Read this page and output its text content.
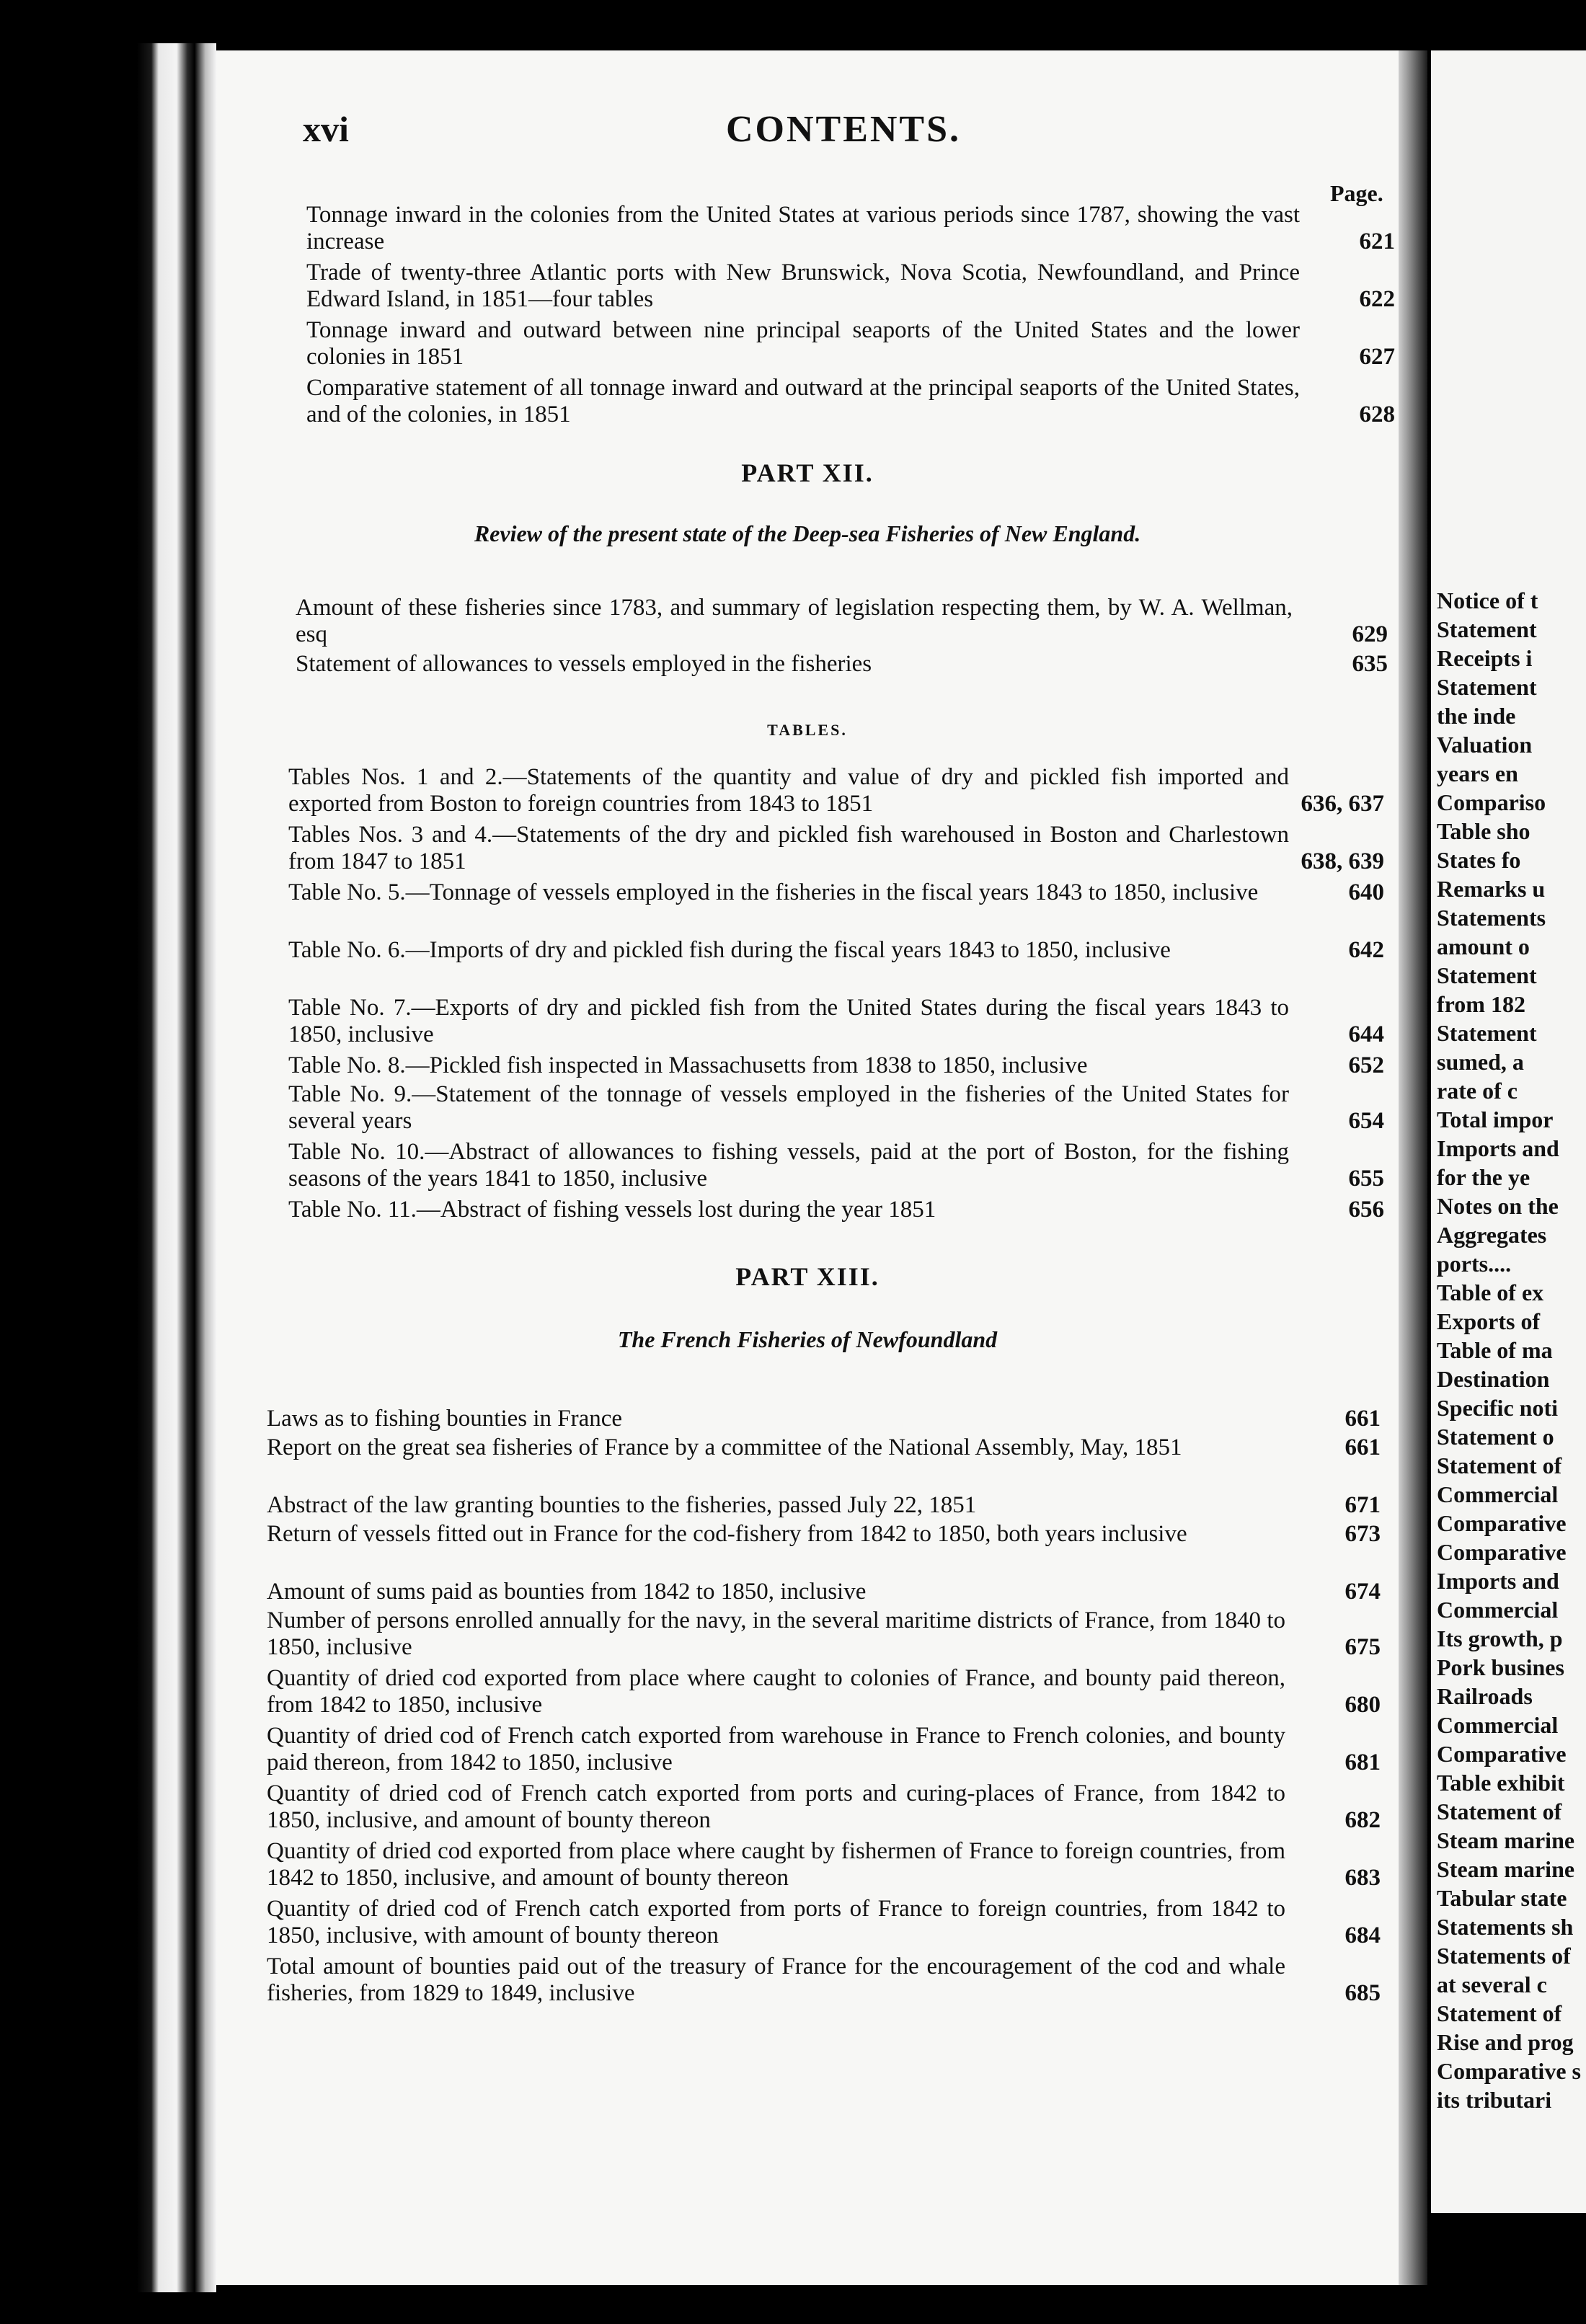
xvi	CONTENTS.
Page.
Tonnage inward in the colonies from the United States at various periods since 1787, showing the vast increase	621
Trade of twenty-three Atlantic ports with New Brunswick, Nova Scotia, Newfoundland, and Prince Edward Island, in 1851—four tables	622
Tonnage inward and outward between nine principal seaports of the United States and the lower colonies in 1851	627
Comparative statement of all tonnage inward and outward at the principal seaports of the United States, and of the colonies, in 1851	628
PART XII.
Review of the present state of the Deep-sea Fisheries of New England.
Amount of these fisheries since 1783, and summary of legislation respecting them, by W. A. Wellman, esq	629
Statement of allowances to vessels employed in the fisheries	635
TABLES.
Tables Nos. 1 and 2.—Statements of the quantity and value of dry and pickled fish imported and exported from Boston to foreign countries from 1843 to 1851	636, 637
Tables Nos. 3 and 4.—Statements of the dry and pickled fish warehoused in Boston and Charlestown from 1847 to 1851	638, 639
Table No. 5.—Tonnage of vessels employed in the fisheries in the fiscal years 1843 to 1850, inclusive	640
Table No. 6.—Imports of dry and pickled fish during the fiscal years 1843 to 1850, inclusive	642
Table No. 7.—Exports of dry and pickled fish from the United States during the fiscal years 1843 to 1850, inclusive	644
Table No. 8.—Pickled fish inspected in Massachusetts from 1838 to 1850, inclusive	652
Table No. 9.—Statement of the tonnage of vessels employed in the fisheries of the United States for several years	654
Table No. 10.—Abstract of allowances to fishing vessels, paid at the port of Boston, for the fishing seasons of the years 1841 to 1850, inclusive	655
Table No. 11.—Abstract of fishing vessels lost during the year 1851	656
PART XIII.
The French Fisheries of Newfoundland
Laws as to fishing bounties in France	661
Report on the great sea fisheries of France by a committee of the National Assembly, May, 1851	661
Abstract of the law granting bounties to the fisheries, passed July 22, 1851	671
Return of vessels fitted out in France for the cod-fishery from 1842 to 1850, both years inclusive	673
Amount of sums paid as bounties from 1842 to 1850, inclusive	674
Number of persons enrolled annually for the navy, in the several maritime districts of France, from 1840 to 1850, inclusive	675
Quantity of dried cod exported from place where caught to colonies of France, and bounty paid thereon, from 1842 to 1850, inclusive	680
Quantity of dried cod of French catch exported from warehouse in France to French colonies, and bounty paid thereon, from 1842 to 1850, inclusive	681
Quantity of dried cod of French catch exported from ports and curing-places of France, from 1842 to 1850, inclusive, and amount of bounty thereon	682
Quantity of dried cod exported from place where caught by fishermen of France to foreign countries, from 1842 to 1850, inclusive, and amount of bounty thereon	683
Quantity of dried cod of French catch exported from ports of France to foreign countries, from 1842 to 1850, inclusive, with amount of bounty thereon	684
Total amount of bounties paid out of the treasury of France for the encouragement of the cod and whale fisheries, from 1829 to 1849, inclusive	685
Notice of t
Statement
Receipts i
Statement
the inde
Valuation
years en
Compariso
Table sho
States fo
Remarks u
Statements
amount o
Statement
from 182
Statement
sumed, a
rate of c
Total impor
Imports and
for the ye
Notes on the
Aggregates
ports....
Table of ex
Exports of
Table of ma
Destination
Specific noti
Statement o
Statement of
Commercial
Comparative
Comparative
Imports and
Commercial
Its growth, p
Pork busines
Railroads
Commercial
Comparative
Table exhibit
Statement of
Steam marine
Steam marine
Tabular state
Statements sh
Statements of
at several c
Statement of
Rise and prog
Comparative s
its tributari
